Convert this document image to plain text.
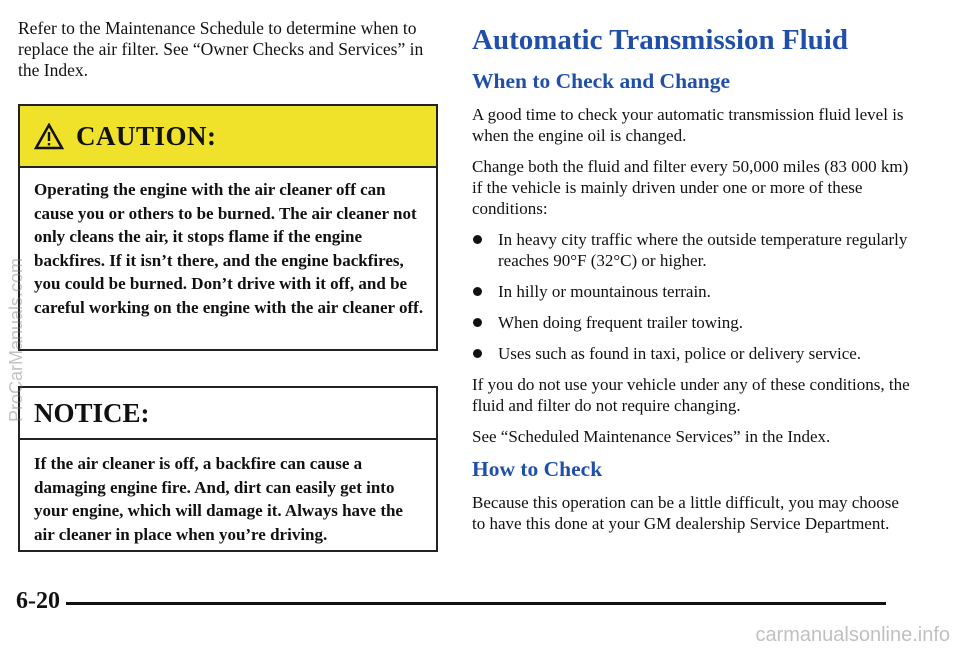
Refer to the Maintenance Schedule to determine when to replace the air filter. See “Owner Checks and Services” in the Index.

CAUTION:
Operating the engine with the air cleaner off can cause you or others to be burned. The air cleaner not only cleans the air, it stops flame if the engine backfires. If it isn’t there, and the engine backfires, you could be burned. Don’t drive with it off, and be careful working on the engine with the air cleaner off.
NOTICE:
If the air cleaner is off, a backfire can cause a damaging engine fire. And, dirt can easily get into your engine, which will damage it. Always have the air cleaner in place when you’re driving.
Automatic Transmission Fluid
When to Check and Change

A good time to check your automatic transmission fluid level is when the engine oil is changed.

Change both the fluid and filter every 50,000 miles (83 000 km) if the vehicle is mainly driven under one or more of these conditions:

In heavy city traffic where the outside temperature regularly reaches 90°F (32°C) or higher.
In hilly or mountainous terrain.
When doing frequent trailer towing.
Uses such as found in taxi, police or delivery service.

If you do not use your vehicle under any of these conditions, the fluid and filter do not require changing.

See “Scheduled Maintenance Services” in the Index.

How to Check

Because this operation can be a little difficult, you may choose to have this done at your GM dealership Service Department.

ProCarManuals.com
6-20
carmanualsonline.info
